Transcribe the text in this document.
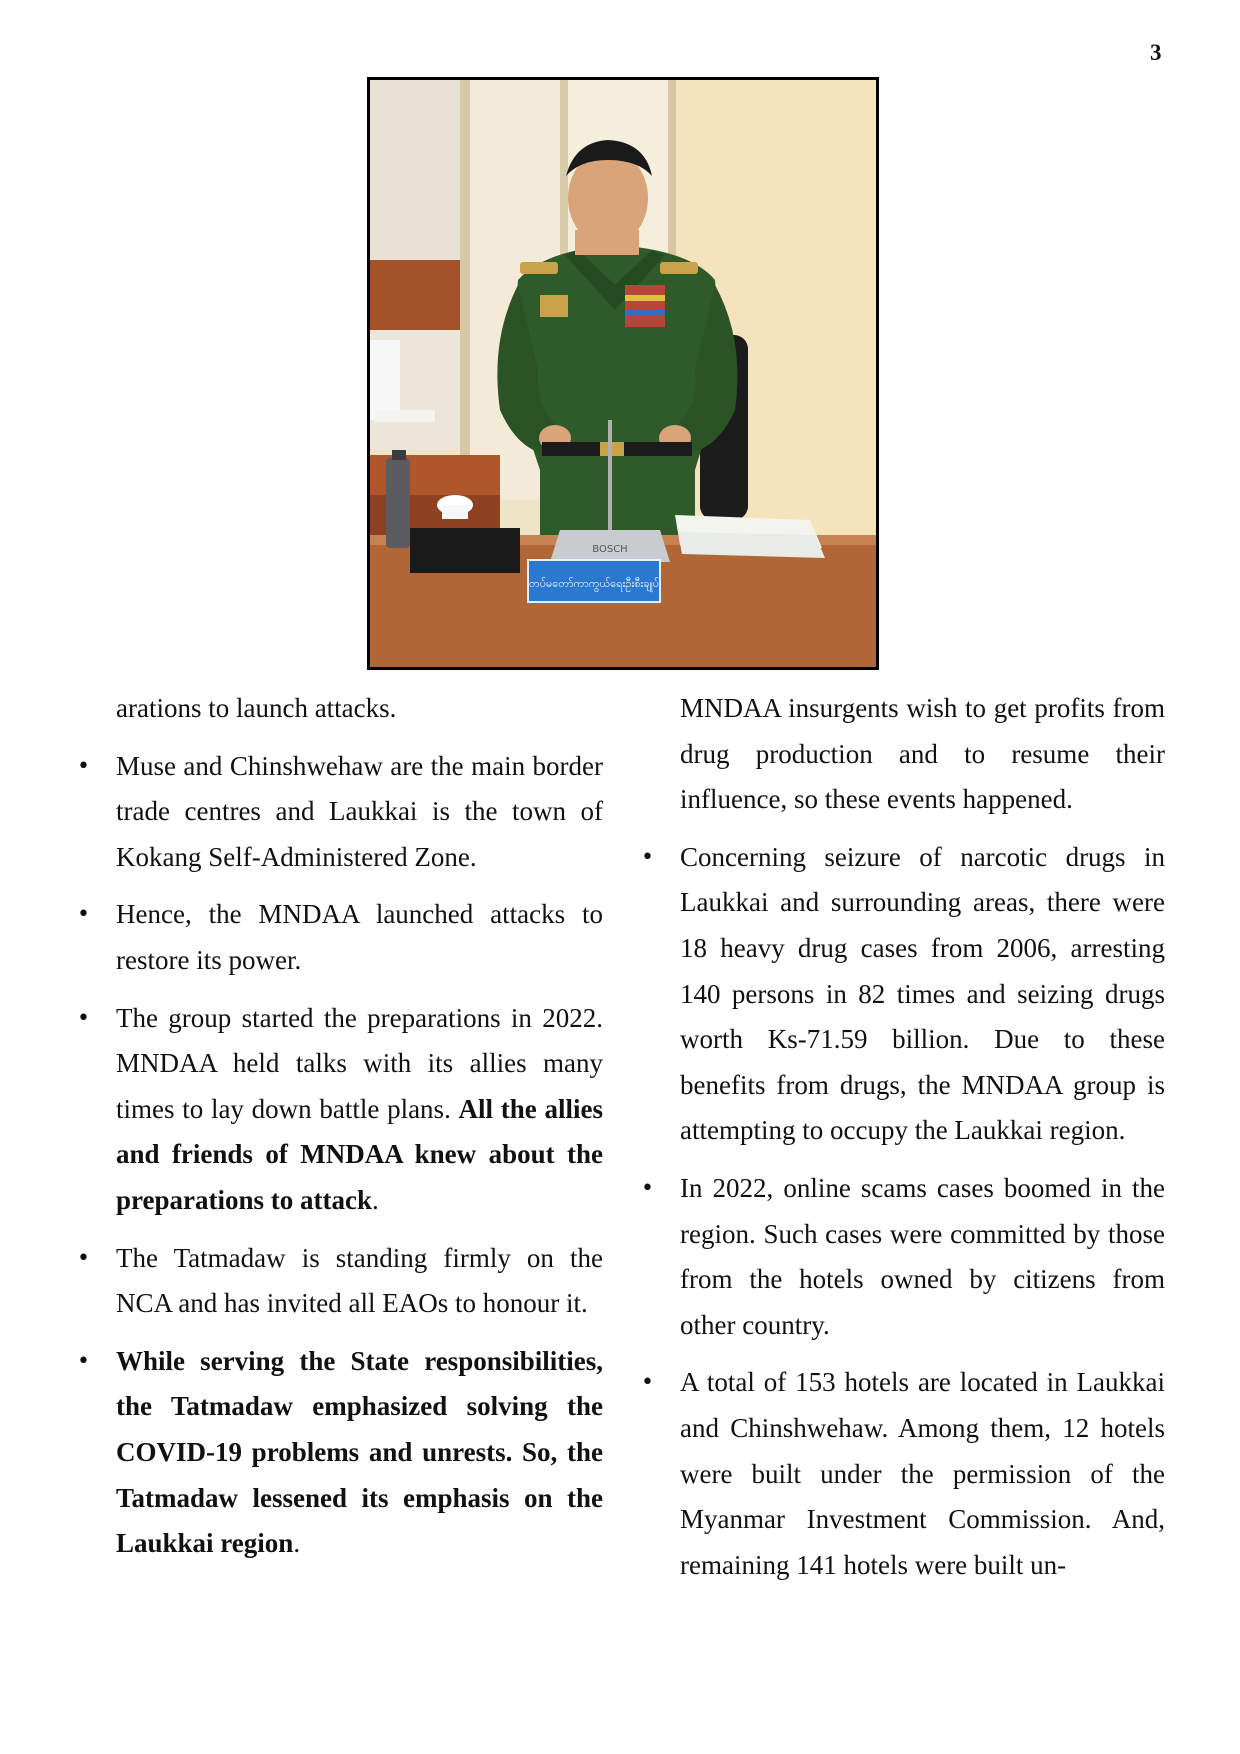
3
BOSCH
တပ်မတော်ကာကွယ်ရေးဦးစီးချုပ်

arations to launch attacks.

• Muse and Chinshwehaw are the main border trade centres and Laukkai is the town of Kokang Self-Administered Zone.
• Hence, the MNDAA launched attacks to restore its power.
• The group started the preparations in 2022. MNDAA held talks with its allies many times to lay down battle plans. All the allies and friends of MNDAA knew about the preparations to attack.
• The Tatmadaw is standing firmly on the NCA and has invited all EAOs to honour it.
• While serving the State responsibilities, the Tatmadaw emphasized solving the COVID-19 problems and unrests. So, the Tatmadaw lessened its emphasis on the Laukkai region.

MNDAA insurgents wish to get profits from drug production and to resume their influence, so these events happened.

• Concerning seizure of narcotic drugs in Laukkai and surrounding areas, there were 18 heavy drug cases from 2006, arresting 140 persons in 82 times and seizing drugs worth Ks-71.59 billion. Due to these benefits from drugs, the MNDAA group is attempting to occupy the Laukkai region.
• In 2022, online scams cases boomed in the region. Such cases were committed by those from the hotels owned by citizens from other country.
• A total of 153 hotels are located in Laukkai and Chinshwehaw. Among them, 12 hotels were built under the permission of the Myanmar Investment Commission. And, remaining 141 hotels were built un-
